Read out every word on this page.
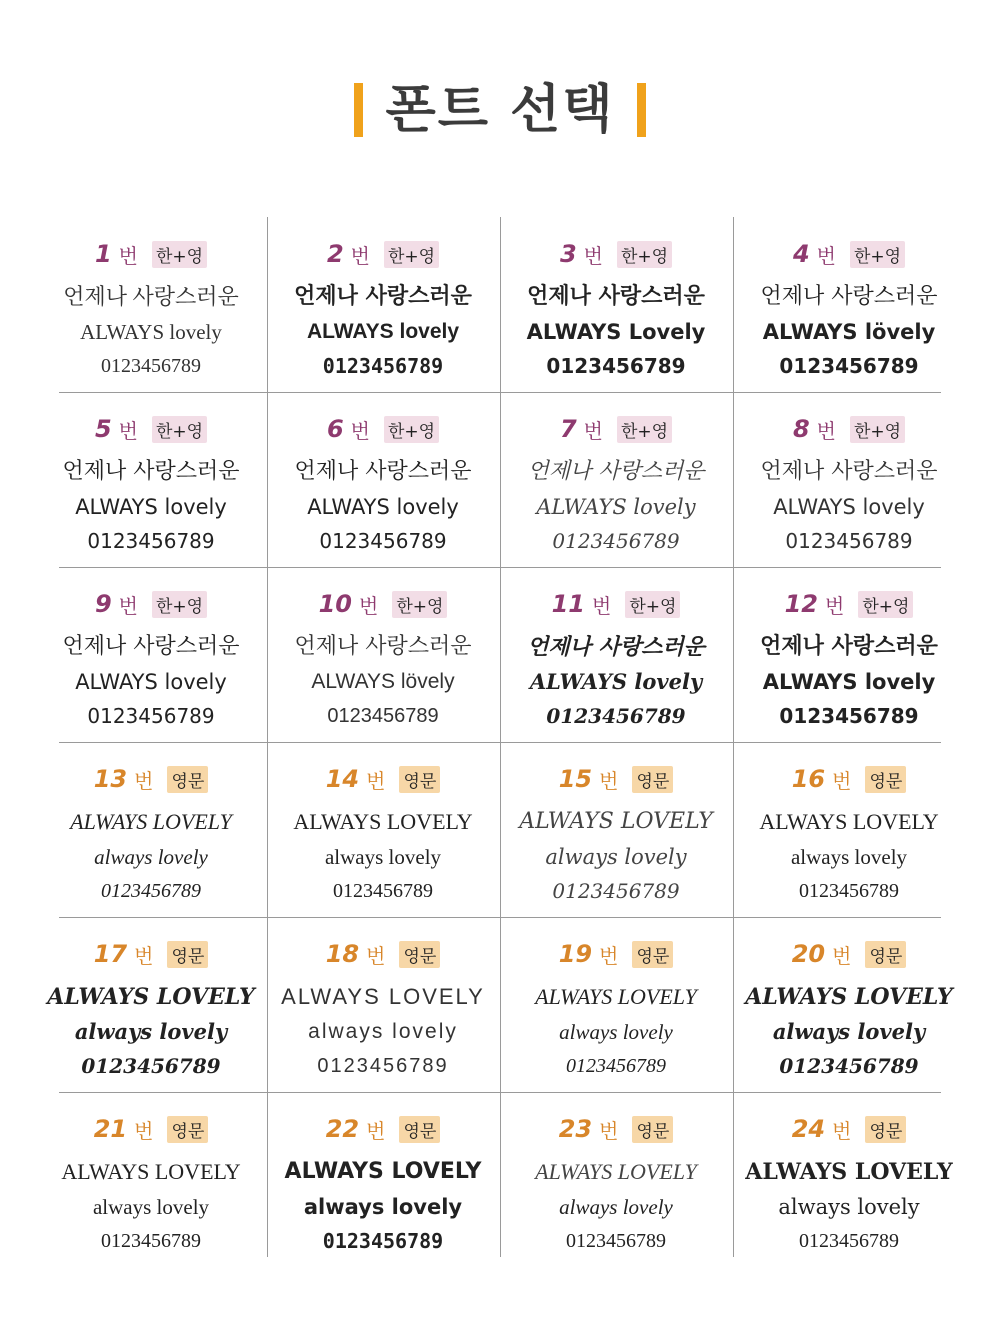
폰트 선택
1 번 한+영
언제나 사랑스러운
ALWAYS lovely
0123456789
2 번 한+영
언제나 사랑스러운
ALWAYS lovely
0123456789
3 번 한+영
언제나 사랑스러운
ALWAYS Lovely
0123456789
4 번 한+영
언제나 사랑스러운
ALWAYS lövely
0123456789
5 번 한+영
언제나 사랑스러운
ALWAYS lovely
0123456789
6 번 한+영
언제나 사랑스러운
ALWAYS lovely
0123456789
7 번 한+영
언제나 사랑스러운
ALWAYS lovely
0123456789
8 번 한+영
언제나 사랑스러운
ALWAYS lovely
0123456789
9 번 한+영
언제나 사랑스러운
ALWAYS lovely
0123456789
10 번 한+영
언제나 사랑스러운
ALWAYS lövely
0123456789
11 번 한+영
언제나 사랑스러운
ALWAYS lovely
0123456789
12 번 한+영
언제나 사랑스러운
ALWAYS lovely
0123456789
13 번 영문
ALWAYS LOVELY
always lovely
0123456789
14 번 영문
ALWAYS LOVELY
always lovely
0123456789
15 번 영문
ALWAYS LOVELY
always lovely
0123456789
16 번 영문
ALWAYS LOVELY
always lovely
0123456789
17 번 영문
ALWAYS LOVELY
always lovely
0123456789
18 번 영문
ALWAYS LOVELY
always lovely
0123456789
19 번 영문
ALWAYS LOVELY
always lovely
0123456789
20 번 영문
ALWAYS LOVELY
always lovely
0123456789
21 번 영문
ALWAYS LOVELY
always lovely
0123456789
22 번 영문
ALWAYS LOVELY
always lovely
0123456789
23 번 영문
ALWAYS LOVELY
always lovely
0123456789
24 번 영문
ALWAYS LOVELY
always lovely
0123456789
